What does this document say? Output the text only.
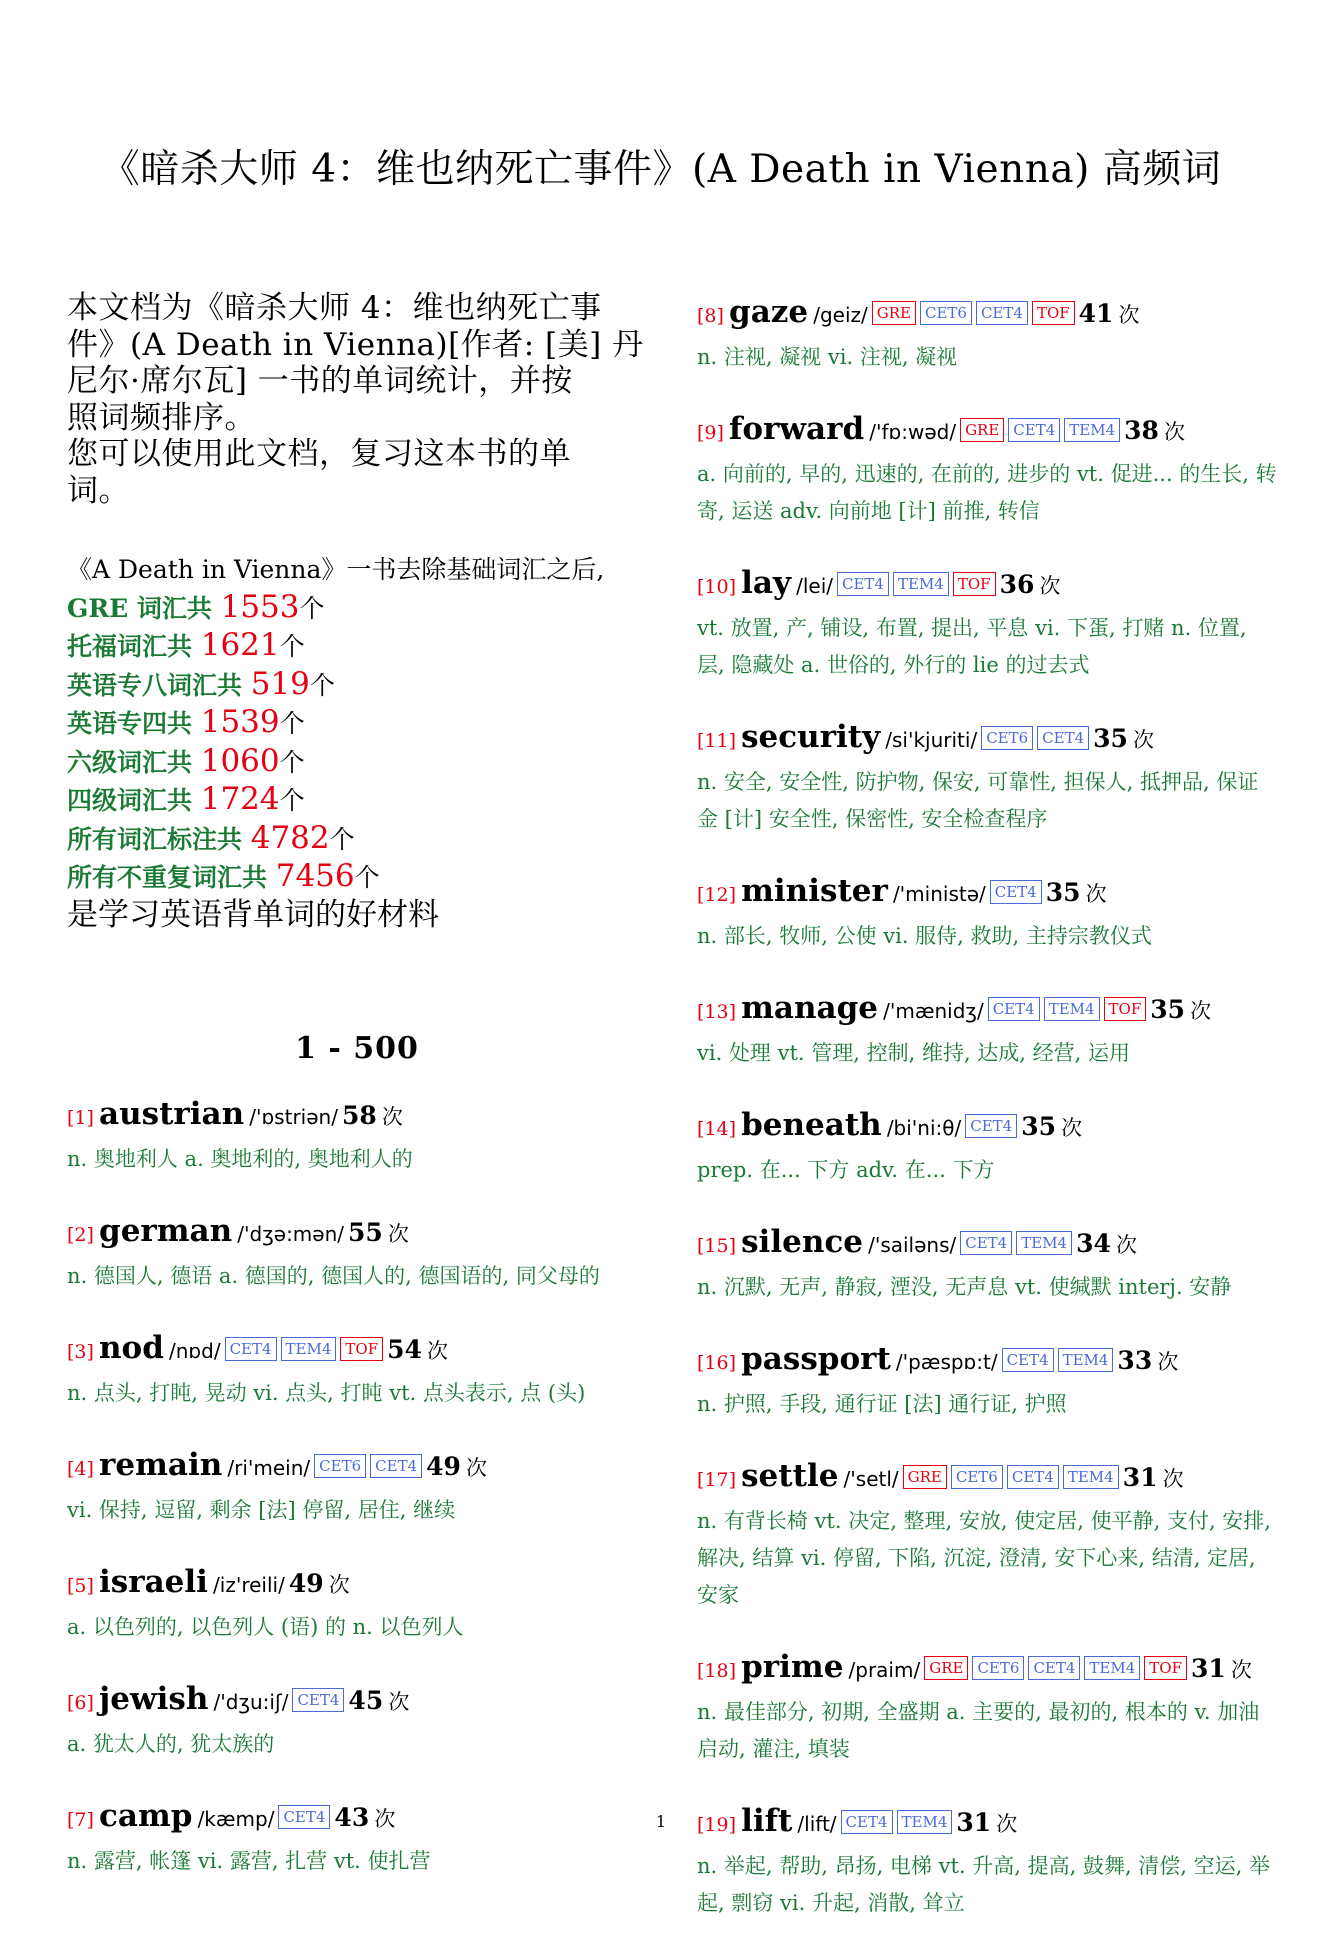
《暗杀大师 4：维也纳死亡事件》(A Death in Vienna) 高频词

本文档为《暗杀大师 4：维也纳死亡事

件》(A Death in Vienna)[作者: [美] 丹

尼尔·席尔瓦] 一书的单词统计，并按

照词频排序。

您可以使用此文档，复习这本书的单

词。

《A Death in Vienna》一书去除基础词汇之后,
GRE 词汇共 1553个
托福词汇共 1621个
英语专八词汇共 519个
英语专四共 1539个
六级词汇共 1060个
四级词汇共 1724个
所有词汇标注共 4782个
所有不重复词汇共 7456个
是学习英语背单词的好材料
1 - 500
[1] austrian /'ɒstriən/ 58 次
n. 奥地利人 a. 奥地利的, 奥地利人的
[2] german /'dʒə:mən/ 55 次
n. 德国人, 德语 a. 德国的, 德国人的, 德国语的, 同父母的
[3] nod /nɒd/ CET4 TEM4 TOF 54 次
n. 点头, 打盹, 晃动 vi. 点头, 打盹 vt. 点头表示, 点 (头)
[4] remain /ri'mein/ CET6 CET4 49 次
vi. 保持, 逗留, 剩余 [法] 停留, 居住, 继续
[5] israeli /iz'reili/ 49 次
a. 以色列的, 以色列人 (语) 的 n. 以色列人
[6] jewish /'dʒu:iʃ/ CET4 45 次
a. 犹太人的, 犹太族的
[7] camp /kæmp/ CET4 43 次
n. 露营, 帐篷 vi. 露营, 扎营 vt. 使扎营
[8] gaze /geiz/ GRE CET6 CET4 TOF 41 次
n. 注视, 凝视 vi. 注视, 凝视
[9] forward /'fɒ:wəd/ GRE CET4 TEM4 38 次
a. 向前的, 早的, 迅速的, 在前的, 进步的 vt. 促进... 的生长, 转寄, 运送 adv. 向前地 [计] 前推, 转信
[10] lay /lei/ CET4 TEM4 TOF 36 次
vt. 放置, 产, 铺设, 布置, 提出, 平息 vi. 下蛋, 打赌 n. 位置, 层, 隐藏处 a. 世俗的, 外行的 lie 的过去式
[11] security /si'kjuriti/ CET6 CET4 35 次
n. 安全, 安全性, 防护物, 保安, 可靠性, 担保人, 抵押品, 保证金 [计] 安全性, 保密性, 安全检查程序
[12] minister /'ministə/ CET4 35 次
n. 部长, 牧师, 公使 vi. 服侍, 救助, 主持宗教仪式
[13] manage /'mænidʒ/ CET4 TEM4 TOF 35 次
vi. 处理 vt. 管理, 控制, 维持, 达成, 经营, 运用
[14] beneath /bi'ni:θ/ CET4 35 次
prep. 在... 下方 adv. 在... 下方
[15] silence /'sailəns/ CET4 TEM4 34 次
n. 沉默, 无声, 静寂, 湮没, 无声息 vt. 使缄默 interj. 安静
[16] passport /'pæspɒ:t/ CET4 TEM4 33 次
n. 护照, 手段, 通行证 [法] 通行证, 护照
[17] settle /'setl/ GRE CET6 CET4 TEM4 31 次
n. 有背长椅 vt. 决定, 整理, 安放, 使定居, 使平静, 支付, 安排, 解决, 结算 vi. 停留, 下陷, 沉淀, 澄清, 安下心来, 结清, 定居, 安家
[18] prime /praim/ GRE CET6 CET4 TEM4 TOF 31 次
n. 最佳部分, 初期, 全盛期 a. 主要的, 最初的, 根本的 v. 加油启动, 灌注, 填装
[19] lift /lift/ CET4 TEM4 31 次
n. 举起, 帮助, 昂扬, 电梯 vt. 升高, 提高, 鼓舞, 清偿, 空运, 举起, 剽窃 vi. 升起, 消散, 耸立
1
